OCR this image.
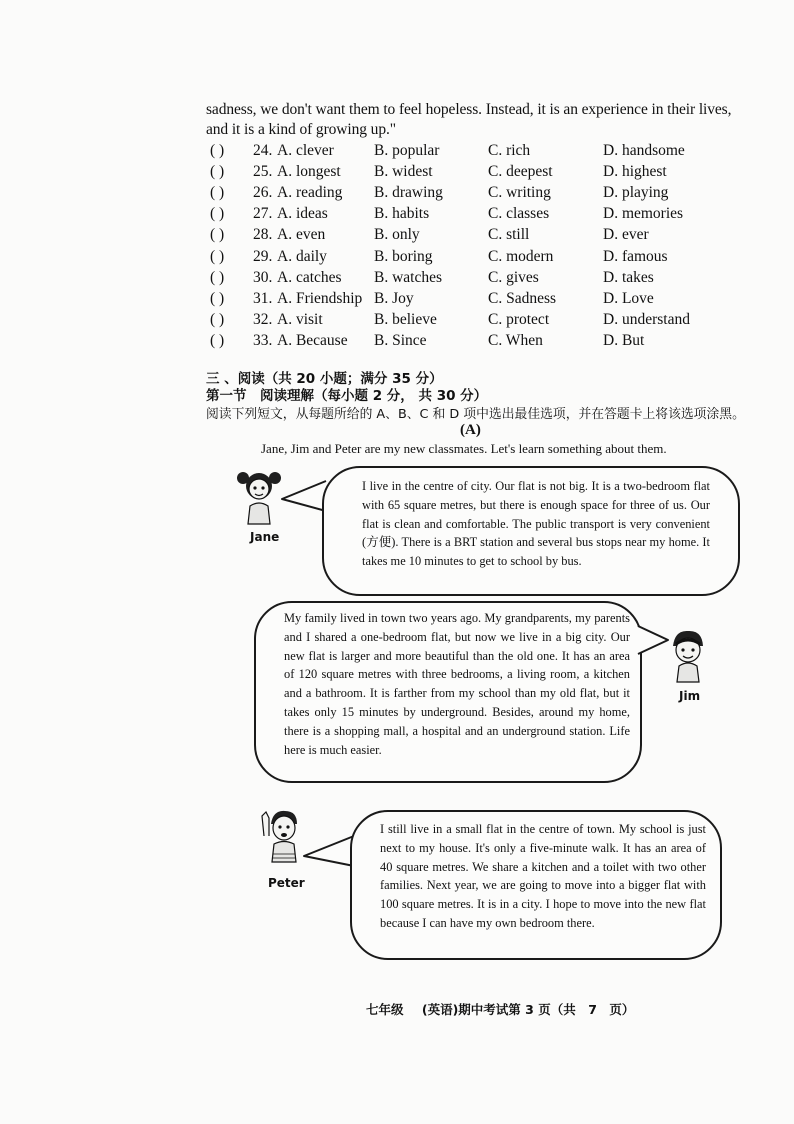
sadness, we don't want them to feel hopeless. Instead, it is an experience in their lives,
and it is a kind of growing up."
( ) 24. A. clever	B. popular	C. rich	D. handsome
( ) 25. A. longest B. widest	C. deepest	D. highest
( ) 26. A. reading B. drawing	C. writing	D. playing
( ) 27. A. ideas	B. habits	C. classes	D. memories
( ) 28. A. even	B. only	C. still	D. ever
( ) 29. A. daily	B. boring	C. modern	D. famous
( ) 30. A. catches B. watches	C. gives	D. takes
( ) 31. A. Friendship B. Joy	C. Sadness	D. Love
( ) 32. A. visit	B. believe	C. protect	D. understand
( ) 33. A. Because B. Since	C. When	D. But
三 、阅读（共 20 小题；满分 35 分）
第一节　阅读理解（每小题 2 分， 共 30 分）
阅读下列短文，从每题所给的 A、B、C 和 D 项中选出最佳选项，并在答题卡上将该选项涂黑。
(A)
Jane, Jim and Peter are my new classmates. Let's learn something about them.
Jane
I live in the centre of city. Our flat is not big. It is a two-bedroom flat with 65 square metres, but there is enough space for three of us. Our flat is clean and comfortable. The public transport is very convenient (方便). There is a BRT station and several bus stops near my home. It takes me 10 minutes to get to school by bus.
My family lived in town two years ago. My grandparents, my parents and I shared a one-bedroom flat, but now we live in a big city. Our new flat is larger and more beautiful than the old one. It has an area of 120 square metres with three bedrooms, a living room, a kitchen and a bathroom. It is farther from my school than my old flat, but it takes only 15 minutes by underground. Besides, around my home, there is a shopping mall, a hospital and an underground station. Life here is much easier.
Jim
Peter
I still live in a small flat in the centre of town. My school is just next to my house. It's only a five-minute walk. It has an area of 40 square metres. We share a kitchen and a toilet with two other families. Next year, we are going to move into a bigger flat with 100 square metres. It is in a city. I hope to move into the new flat because I can have my own bedroom there.
七年级 (英语)期中考试第 3 页（共　7　页）
